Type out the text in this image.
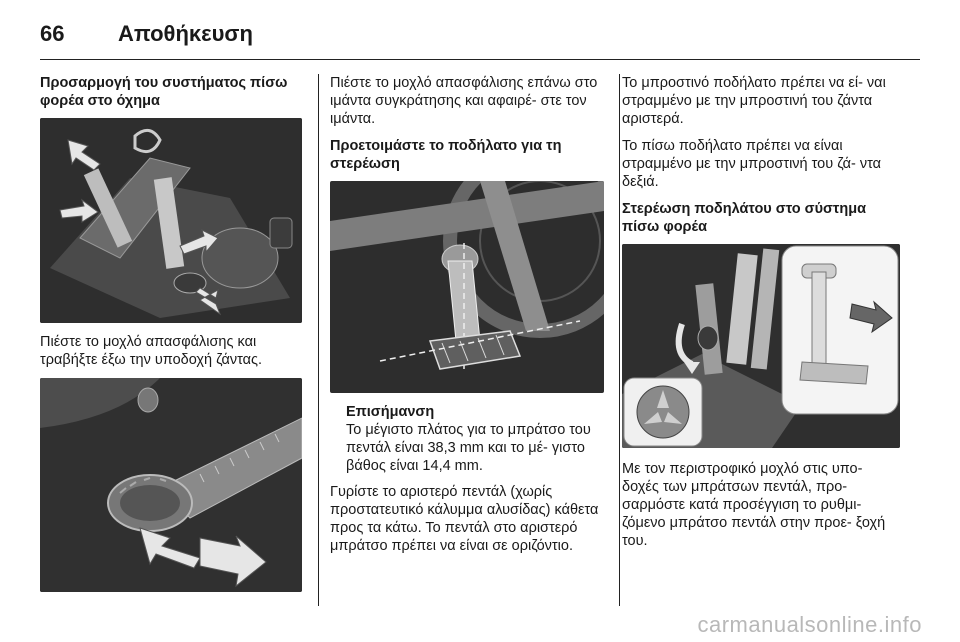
66	Αποθήκευση
Προσαρμογή του συστήματος πίσω φορέα στο όχημα
Πιέστε το μοχλό απασφάλισης και τραβήξτε έξω την υποδοχή ζάντας.
Πιέστε το μοχλό απασφάλισης επάνω στο ιμάντα συγκράτησης και αφαιρέ- στε τον ιμάντα.
Προετοιμάστε το ποδήλατο για τη στερέωση
Επισήμανση
Το μέγιστο πλάτος για το μπράτσο του πεντάλ είναι 38,3 mm και το μέ- γιστο βάθος είναι 14,4 mm.
Γυρίστε το αριστερό πεντάλ (χωρίς προστατευτικό κάλυμμα αλυσίδας) κάθετα προς τα κάτω. Το πεντάλ στο αριστερό μπράτσο πρέπει να είναι σε οριζόντιο.
Το μπροστινό ποδήλατο πρέπει να εί- ναι στραμμένο με την μπροστινή του ζάντα αριστερά.
Το πίσω ποδήλατο πρέπει να είναι στραμμένο με την μπροστινή του ζά- ντα δεξιά.
Στερέωση ποδηλάτου στο σύστημα πίσω φορέα
Με τον περιστροφικό μοχλό στις υπο- δοχές των μπράτσων πεντάλ, προ- σαρμόστε κατά προσέγγιση το ρυθμι- ζόμενο μπράτσο πεντάλ στην προε- ξοχή του.
carmanualsonline.info
